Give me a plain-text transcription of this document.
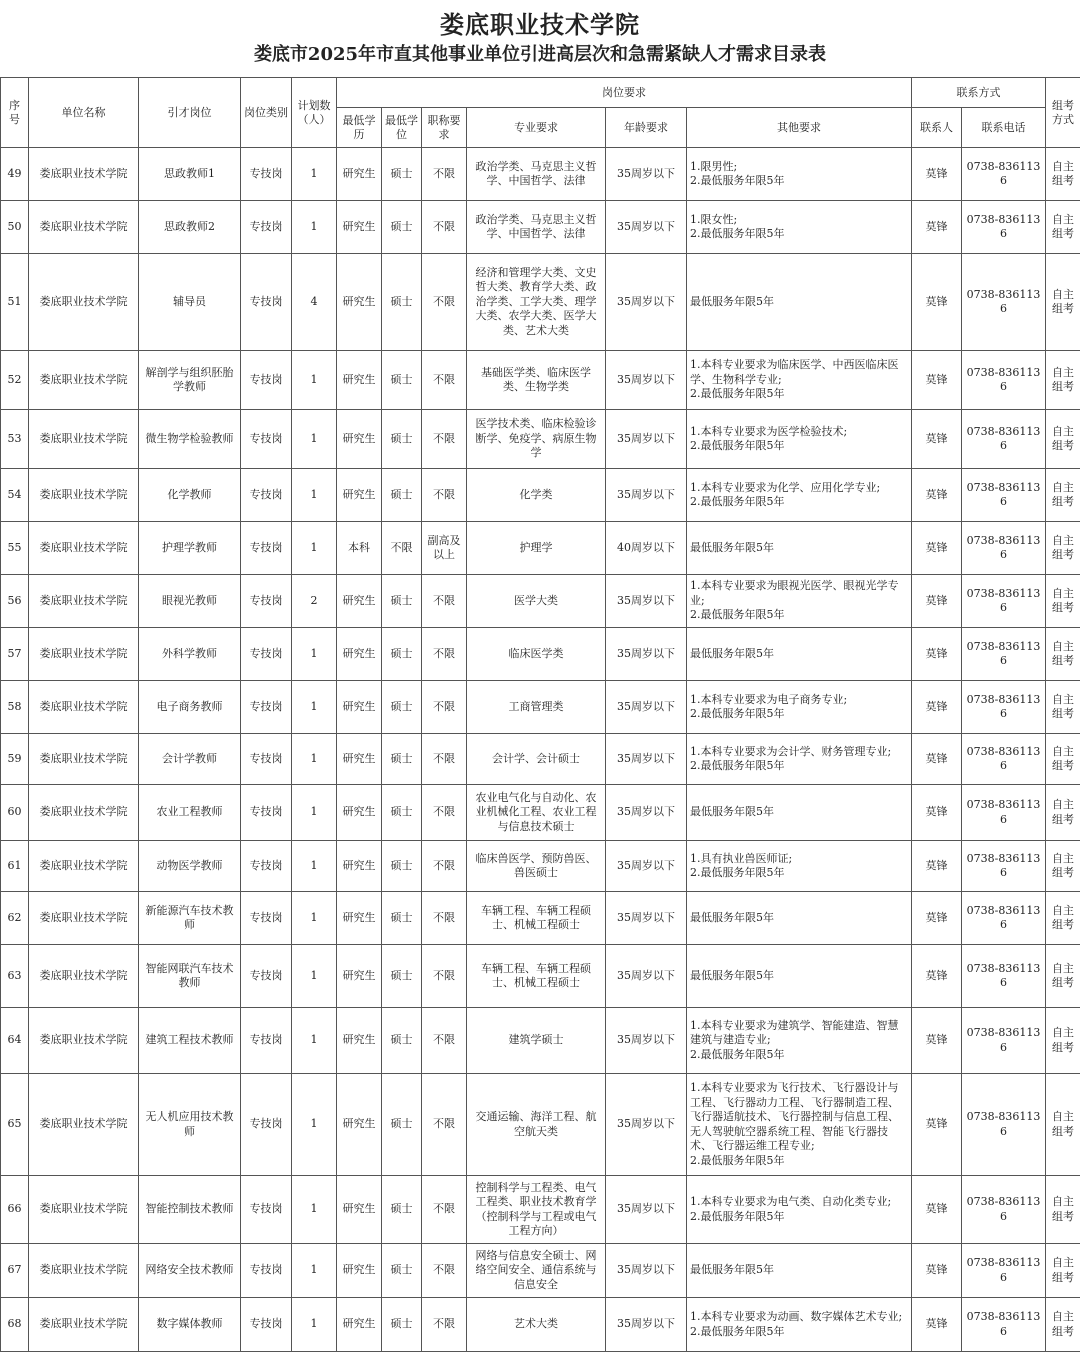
娄底职业技术学院
娄底市2025年市直其他事业单位引进高层次和急需紧缺人才需求目录表
序号	单位名称	引才岗位	岗位类别	计划数（人）	岗位要求						联系方式		组考方式
					最低学历	最低学位	职称要求	专业要求	年龄要求	其他要求	联系人	联系电话	
49	娄底职业技术学院	思政教师1	专技岗	1	研究生	硕士	不限	政治学类、马克思主义哲学、中国哲学、法律	35周岁以下	1.限男性;
2.最低服务年限5年	莫锋	0738-8361136	自主组考
50	娄底职业技术学院	思政教师2	专技岗	1	研究生	硕士	不限	政治学类、马克思主义哲学、中国哲学、法律	35周岁以下	1.限女性;
2.最低服务年限5年	莫锋	0738-8361136	自主组考
51	娄底职业技术学院	辅导员	专技岗	4	研究生	硕士	不限	经济和管理学大类、文史哲大类、教育学大类、政治学类、工学大类、理学大类、农学大类、医学大类、艺术大类	35周岁以下	最低服务年限5年	莫锋	0738-8361136	自主组考
52	娄底职业技术学院	解剖学与组织胚胎学教师	专技岗	1	研究生	硕士	不限	基础医学类、临床医学类、生物学类	35周岁以下	1.本科专业要求为临床医学、中西医临床医学、生物科学专业;
2.最低服务年限5年	莫锋	0738-8361136	自主组考
53	娄底职业技术学院	微生物学检验教师	专技岗	1	研究生	硕士	不限	医学技术类、临床检验诊断学、免疫学、病原生物学	35周岁以下	1.本科专业要求为医学检验技术;
2.最低服务年限5年	莫锋	0738-8361136	自主组考
54	娄底职业技术学院	化学教师	专技岗	1	研究生	硕士	不限	化学类	35周岁以下	1.本科专业要求为化学、应用化学专业;
2.最低服务年限5年	莫锋	0738-8361136	自主组考
55	娄底职业技术学院	护理学教师	专技岗	1	本科	不限	副高及以上	护理学	40周岁以下	最低服务年限5年	莫锋	0738-8361136	自主组考
56	娄底职业技术学院	眼视光教师	专技岗	2	研究生	硕士	不限	医学大类	35周岁以下	1.本科专业要求为眼视光医学、眼视光学专业;
2.最低服务年限5年	莫锋	0738-8361136	自主组考
57	娄底职业技术学院	外科学教师	专技岗	1	研究生	硕士	不限	临床医学类	35周岁以下	最低服务年限5年	莫锋	0738-8361136	自主组考
58	娄底职业技术学院	电子商务教师	专技岗	1	研究生	硕士	不限	工商管理类	35周岁以下	1.本科专业要求为电子商务专业;
2.最低服务年限5年	莫锋	0738-8361136	自主组考
59	娄底职业技术学院	会计学教师	专技岗	1	研究生	硕士	不限	会计学、会计硕士	35周岁以下	1.本科专业要求为会计学、财务管理专业;
2.最低服务年限5年	莫锋	0738-8361136	自主组考
60	娄底职业技术学院	农业工程教师	专技岗	1	研究生	硕士	不限	农业电气化与自动化、农业机械化工程、农业工程与信息技术硕士	35周岁以下	最低服务年限5年	莫锋	0738-8361136	自主组考
61	娄底职业技术学院	动物医学教师	专技岗	1	研究生	硕士	不限	临床兽医学、预防兽医、兽医硕士	35周岁以下	1.具有执业兽医师证;
2.最低服务年限5年	莫锋	0738-8361136	自主组考
62	娄底职业技术学院	新能源汽车技术教师	专技岗	1	研究生	硕士	不限	车辆工程、车辆工程硕士、机械工程硕士	35周岁以下	最低服务年限5年	莫锋	0738-8361136	自主组考
63	娄底职业技术学院	智能网联汽车技术教师	专技岗	1	研究生	硕士	不限	车辆工程、车辆工程硕士、机械工程硕士	35周岁以下	最低服务年限5年	莫锋	0738-8361136	自主组考
64	娄底职业技术学院	建筑工程技术教师	专技岗	1	研究生	硕士	不限	建筑学硕士	35周岁以下	1.本科专业要求为建筑学、智能建造、智慧建筑与建造专业;
2.最低服务年限5年	莫锋	0738-8361136	自主组考
65	娄底职业技术学院	无人机应用技术教师	专技岗	1	研究生	硕士	不限	交通运输、海洋工程、航空航天类	35周岁以下	1.本科专业要求为飞行技术、飞行器设计与工程、飞行器动力工程、飞行器制造工程、飞行器适航技术、飞行器控制与信息工程、无人驾驶航空器系统工程、智能飞行器技术、飞行器运维工程专业;
2.最低服务年限5年	莫锋	0738-8361136	自主组考
66	娄底职业技术学院	智能控制技术教师	专技岗	1	研究生	硕士	不限	控制科学与工程类、电气工程类、职业技术教育学（控制科学与工程或电气工程方向）	35周岁以下	1.本科专业要求为电气类、自动化类专业;
2.最低服务年限5年	莫锋	0738-8361136	自主组考
67	娄底职业技术学院	网络安全技术教师	专技岗	1	研究生	硕士	不限	网络与信息安全硕士、网络空间安全、通信系统与信息安全	35周岁以下	最低服务年限5年	莫锋	0738-8361136	自主组考
68	娄底职业技术学院	数字媒体教师	专技岗	1	研究生	硕士	不限	艺术大类	35周岁以下	1.本科专业要求为动画、数字媒体艺术专业;
2.最低服务年限5年	莫锋	0738-8361136	自主组考
